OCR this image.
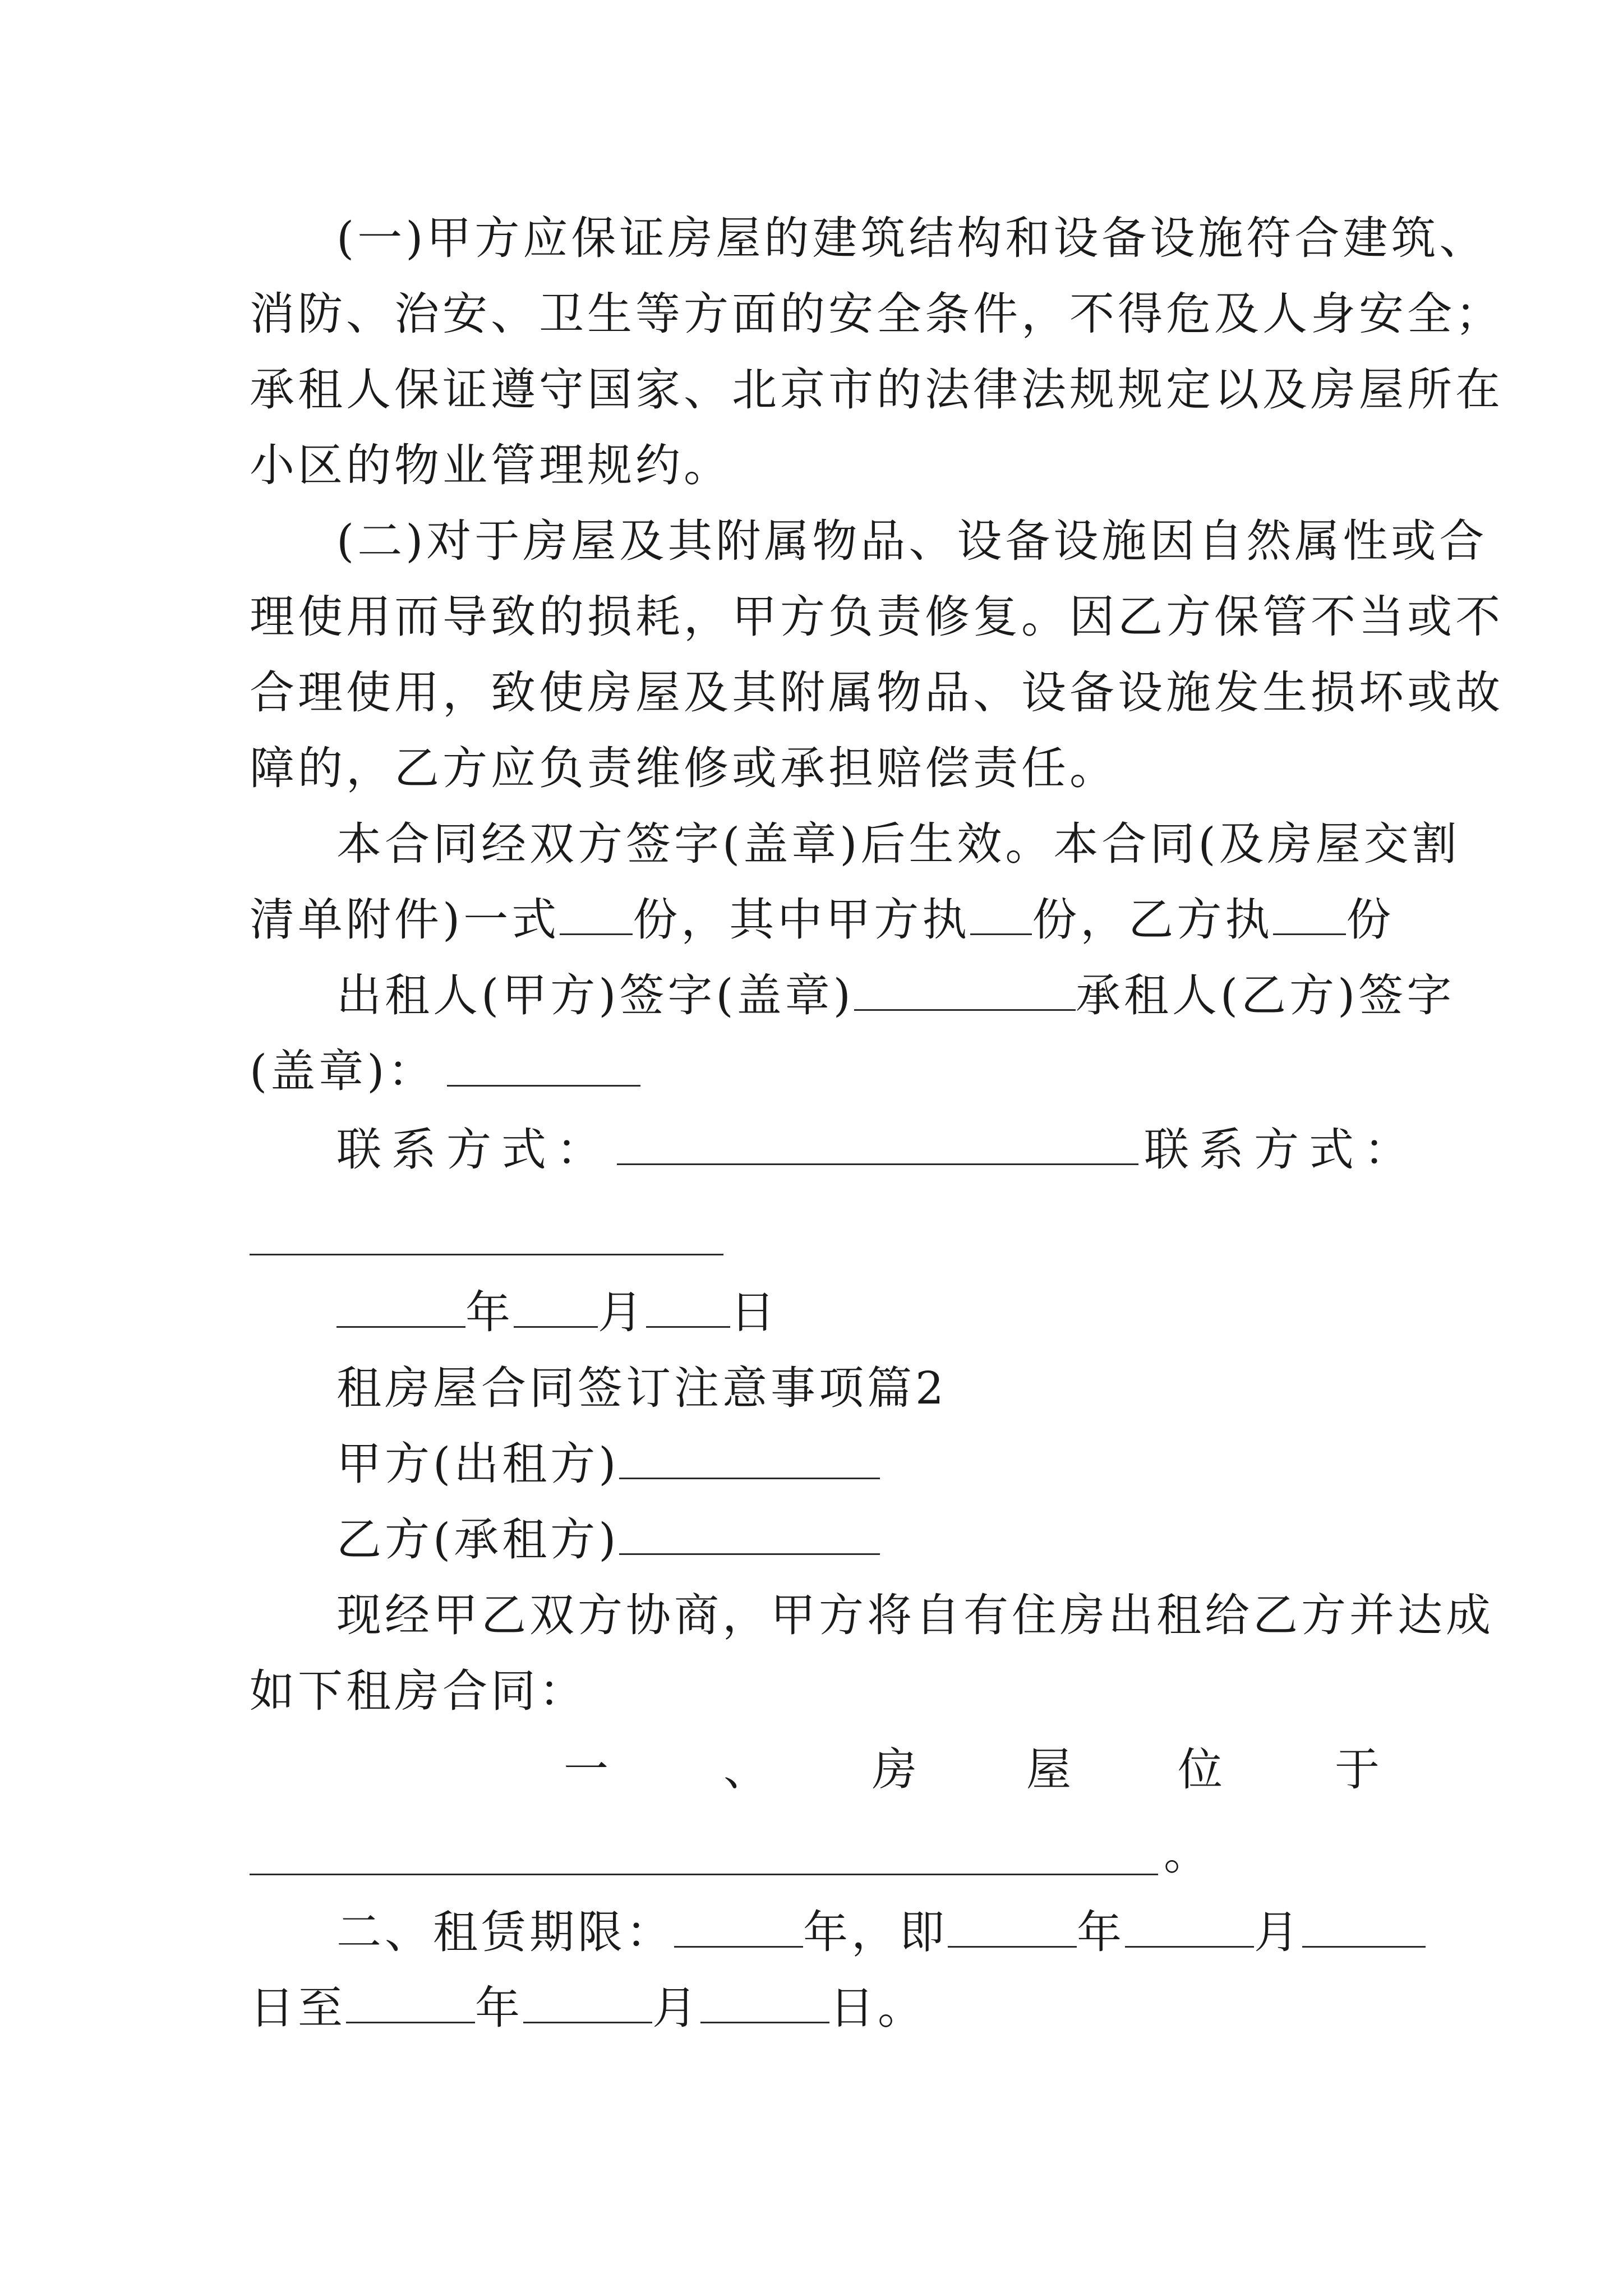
(一)甲方应保证房屋的建筑结构和设备设施符合建筑、
消防、治安、卫生等方面的安全条件，不得危及人身安全；
承租人保证遵守国家、北京市的法律法规规定以及房屋所在
小区的物业管理规约。
(二)对于房屋及其附属物品、设备设施因自然属性或合
理使用而导致的损耗，甲方负责修复。因乙方保管不当或不
合理使用，致使房屋及其附属物品、设备设施发生损坏或故
障的，乙方应负责维修或承担赔偿责任。
本合同经双方签字(盖章)后生效。本合同(及房屋交割
清单附件)一式 份，其中甲方执 份，乙方执 份
出租人(甲方)签字(盖章)	承租人(乙方)签字
(盖章)：
联系方式：	联系方式：
年 月 日
租房屋合同签订注意事项篇2
甲方(出租方)
乙方(承租方)
现经甲乙双方协商，甲方将自有住房出租给乙方并达成
如下租房合同：
一	、 房 屋 位	于
。
二、租赁期限：	年，即	年	月
日至	年	月	日。
